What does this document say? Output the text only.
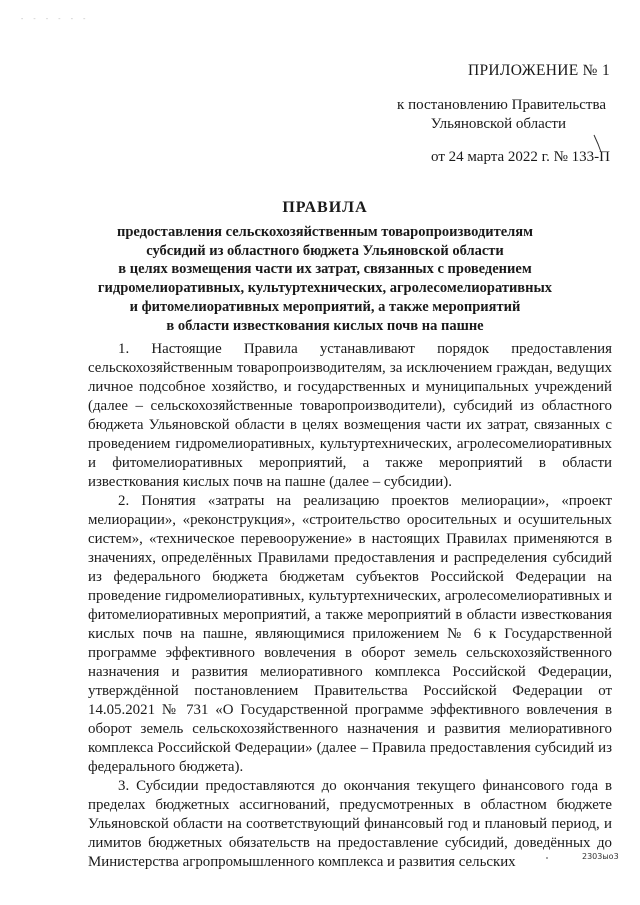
- - - - - -
ПРИЛОЖЕНИЕ № 1
к постановлению Правительства
Ульяновской области
от 24 марта 2022 г. № 133-П
ПРАВИЛА
предоставления сельскохозяйственным товаропроизводителям
субсидий из областного бюджета Ульяновской области
в целях возмещения части их затрат, связанных с проведением
гидромелиоративных, культуртехнических, агролесомелиоративных
и фитомелиоративных мероприятий, а также мероприятий
в области известкования кислых почв на пашне

1. Настоящие Правила устанавливают порядок предоставления сельскохозяйственным товаропроизводителям, за исключением граждан, ведущих личное подсобное хозяйство, и государственных и муниципальных учреждений (далее – сельскохозяйственные товаропроизводители), субсидий из областного бюджета Ульяновской области в целях возмещения части их затрат, связанных с проведением гидромелиоративных, культуртехнических, агролесомелиоративных и фитомелиоративных мероприятий, а также мероприятий в области известкования кислых почв на пашне (далее – субсидии).

2. Понятия «затраты на реализацию проектов мелиорации», «проект мелиорации», «реконструкция», «строительство оросительных и осушительных систем», «техническое перевооружение» в настоящих Правилах применяются в значениях, определённых Правилами предоставления и распределения субсидий из федерального бюджета бюджетам субъектов Российской Федерации на проведение гидромелиоративных, культуртехнических, агролесомелиоративных и фитомелиоративных мероприятий, а также мероприятий в области известкования кислых почв на пашне, являющимися приложением № 6 к Государственной программе эффективного вовлечения в оборот земель сельскохозяйственного назначения и развития мелиоративного комплекса Российской Федерации, утверждённой постановлением Правительства Российской Федерации от 14.05.2021 № 731 «О Государственной программе эффективного вовлечения в оборот земель сельскохозяйственного назначения и развития мелиоративного комплекса Российской Федерации» (далее – Правила предоставления субсидий из федерального бюджета).

3. Субсидии предоставляются до окончания текущего финансового года в пределах бюджетных ассигнований, предусмотренных в областном бюджете Ульяновской области на соответствующий финансовый год и плановый период, и лимитов бюджетных обязательств на предоставление субсидий, доведённых до Министерства агропромышленного комплекса и развития сельских	2303ыо3
